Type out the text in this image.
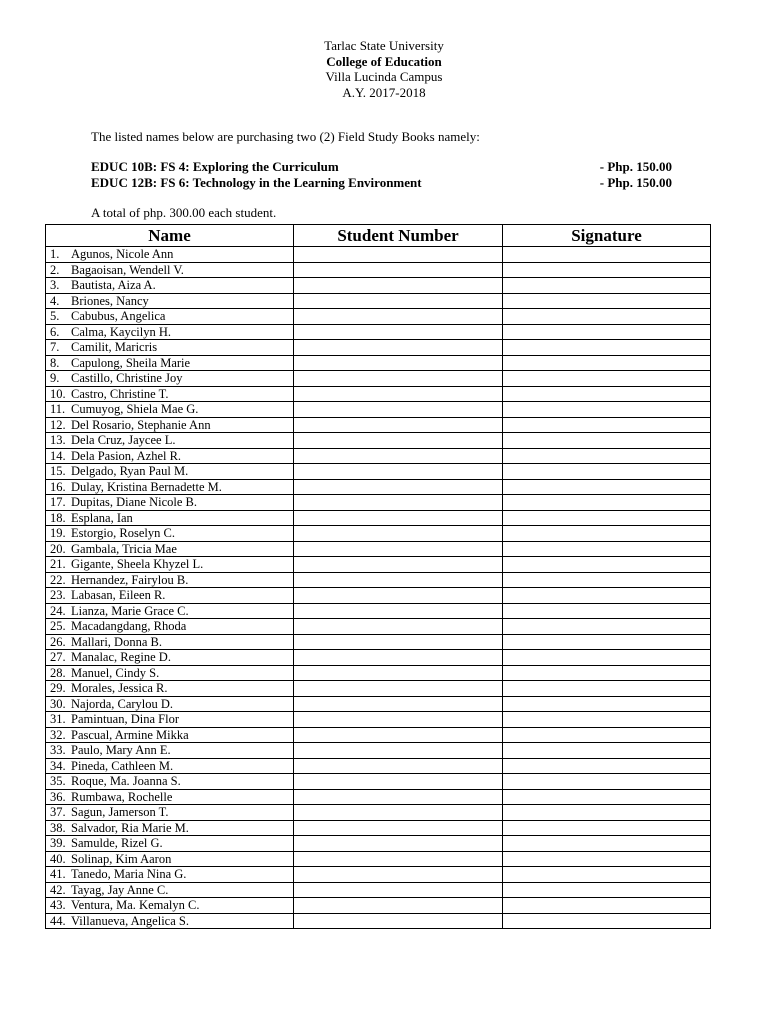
Tarlac State University
College of Education
Villa Lucinda Campus
A.Y. 2017-2018
The listed names below are purchasing two (2) Field Study Books namely:
EDUC 10B: FS 4: Exploring the Curriculum	- Php. 150.00
EDUC 12B: FS 6: Technology in the Learning Environment	- Php. 150.00
A total of php. 300.00 each student.
Name	Student Number	Signature
1. Agunos, Nicole Ann		
2. Bagaoisan, Wendell V.		
3. Bautista, Aiza A.		
4. Briones, Nancy		
5. Cabubus, Angelica		
6. Calma, Kaycilyn H.		
7. Camilit, Maricris		
8. Capulong, Sheila Marie		
9. Castillo, Christine Joy		
10. Castro, Christine T.		
11. Cumuyog, Shiela Mae G.		
12. Del Rosario, Stephanie Ann		
13. Dela Cruz, Jaycee L.		
14. Dela Pasion, Azhel R.		
15. Delgado, Ryan Paul M.		
16. Dulay, Kristina Bernadette M.		
17. Dupitas, Diane Nicole B.		
18. Esplana, Ian		
19. Estorgio, Roselyn C.		
20. Gambala, Tricia Mae		
21. Gigante, Sheela Khyzel L.		
22. Hernandez, Fairylou B.		
23. Labasan, Eileen R.		
24. Lianza, Marie Grace C.		
25. Macadangdang, Rhoda		
26. Mallari, Donna B.		
27. Manalac, Regine D.		
28. Manuel, Cindy S.		
29. Morales, Jessica R.		
30. Najorda, Carylou D.		
31. Pamintuan, Dina Flor		
32. Pascual, Armine Mikka		
33. Paulo, Mary Ann E.		
34. Pineda, Cathleen M.		
35. Roque, Ma. Joanna S.		
36. Rumbawa, Rochelle		
37. Sagun, Jamerson T.		
38. Salvador, Ria Marie M.		
39. Samulde, Rizel G.		
40. Solinap, Kim Aaron		
41. Tanedo, Maria Nina G.		
42. Tayag, Jay Anne C.		
43. Ventura, Ma. Kemalyn C.		
44. Villanueva, Angelica S.		
